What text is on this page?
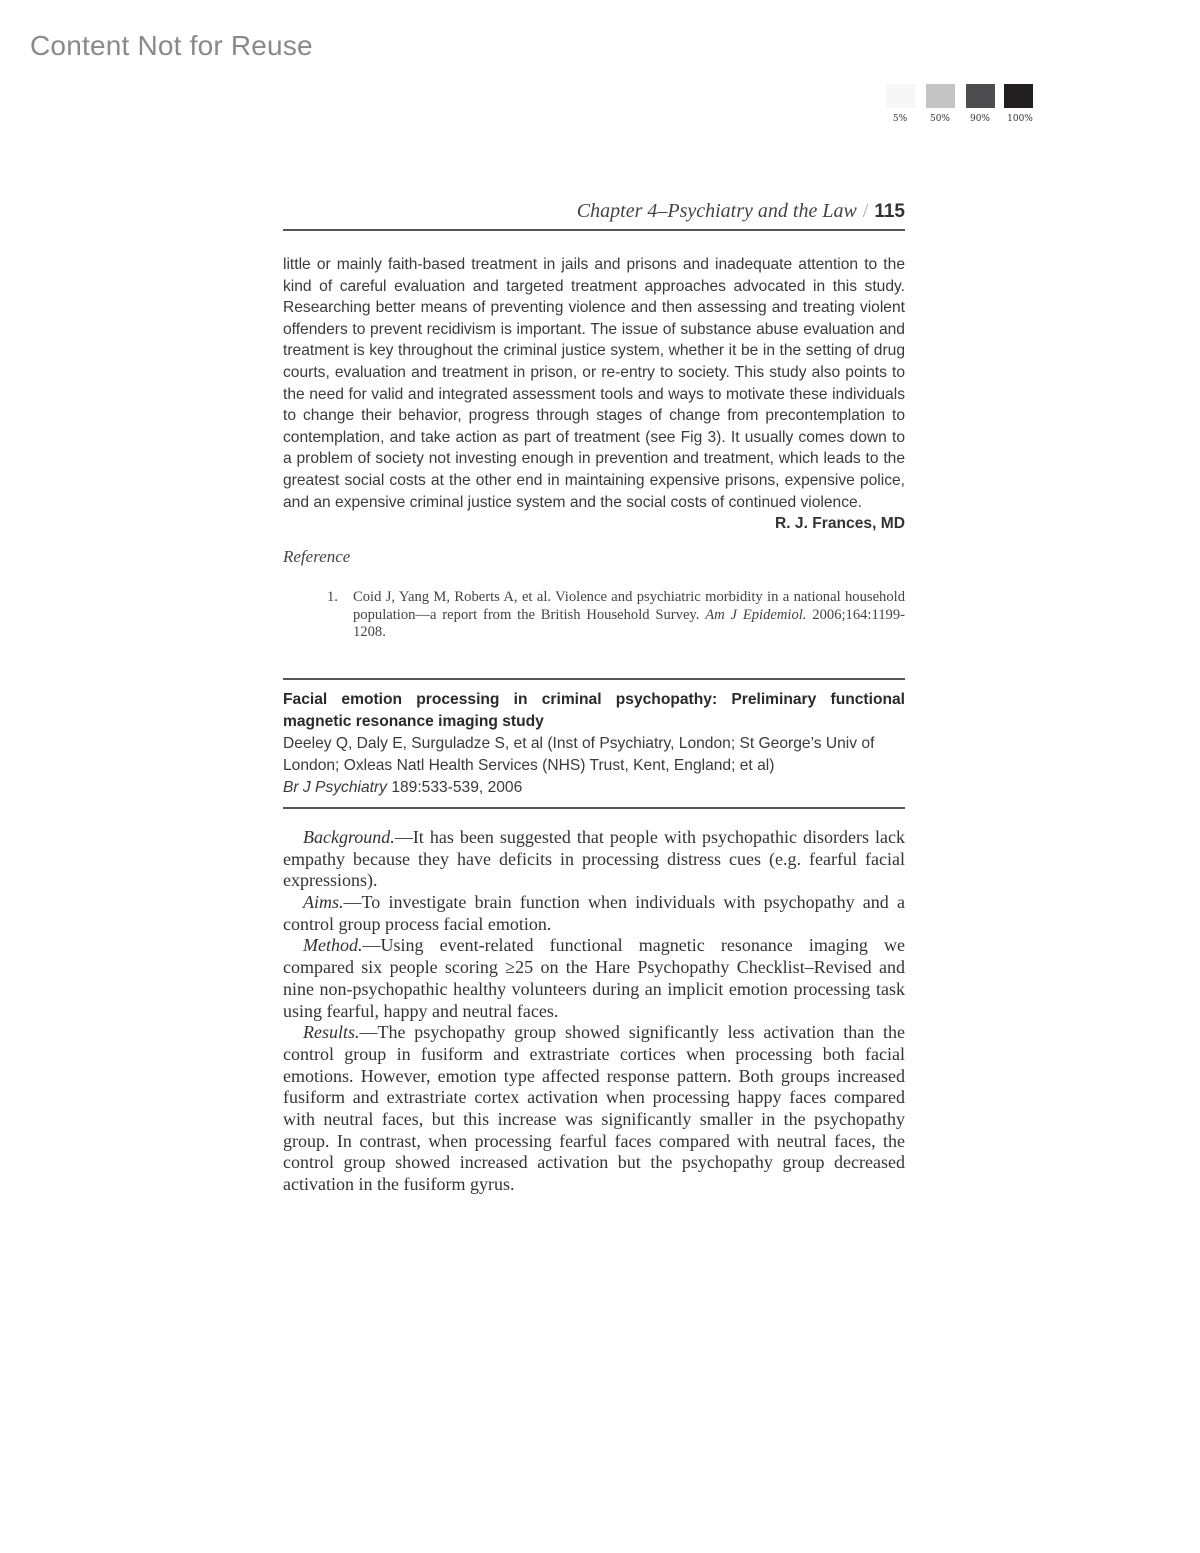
Content Not for Reuse
5%	50%	90%	100%
Chapter 4–Psychiatry and the Law / 115
little or mainly faith-based treatment in jails and prisons and inadequate attention to the kind of careful evaluation and targeted treatment approaches advocated in this study. Researching better means of preventing violence and then assessing and treating violent offenders to prevent recidivism is important. The issue of substance abuse evaluation and treatment is key throughout the criminal justice system, whether it be in the setting of drug courts, evaluation and treatment in prison, or re-entry to society. This study also points to the need for valid and integrated assessment tools and ways to motivate these individuals to change their behavior, progress through stages of change from precontemplation to contemplation, and take action as part of treatment (see Fig 3). It usually comes down to a problem of society not investing enough in prevention and treatment, which leads to the greatest social costs at the other end in maintaining expensive prisons, expensive police, and an expensive criminal justice system and the social costs of continued violence.
R. J. Frances, MD
Reference
1. Coid J, Yang M, Roberts A, et al. Violence and psychiatric morbidity in a national household population—a report from the British Household Survey. Am J Epidemiol. 2006;164:1199-1208.
Facial emotion processing in criminal psychopathy: Preliminary functional magnetic resonance imaging study
Deeley Q, Daly E, Surguladze S, et al (Inst of Psychiatry, London; St George’s Univ of London; Oxleas Natl Health Services (NHS) Trust, Kent, England; et al)
Br J Psychiatry 189:533-539, 2006

Background.—It has been suggested that people with psychopathic disorders lack empathy because they have deficits in processing distress cues (e.g. fearful facial expressions).

Aims.—To investigate brain function when individuals with psychopathy and a control group process facial emotion.

Method.—Using event-related functional magnetic resonance imaging we compared six people scoring ≥25 on the Hare Psychopathy Checklist–Revised and nine non-psychopathic healthy volunteers during an implicit emotion processing task using fearful, happy and neutral faces.

Results.—The psychopathy group showed significantly less activation than the control group in fusiform and extrastriate cortices when processing both facial emotions. However, emotion type affected response pattern. Both groups increased fusiform and extrastriate cortex activation when processing happy faces compared with neutral faces, but this increase was significantly smaller in the psychopathy group. In contrast, when processing fearful faces compared with neutral faces, the control group showed increased activation but the psychopathy group decreased activation in the fusiform gyrus.
